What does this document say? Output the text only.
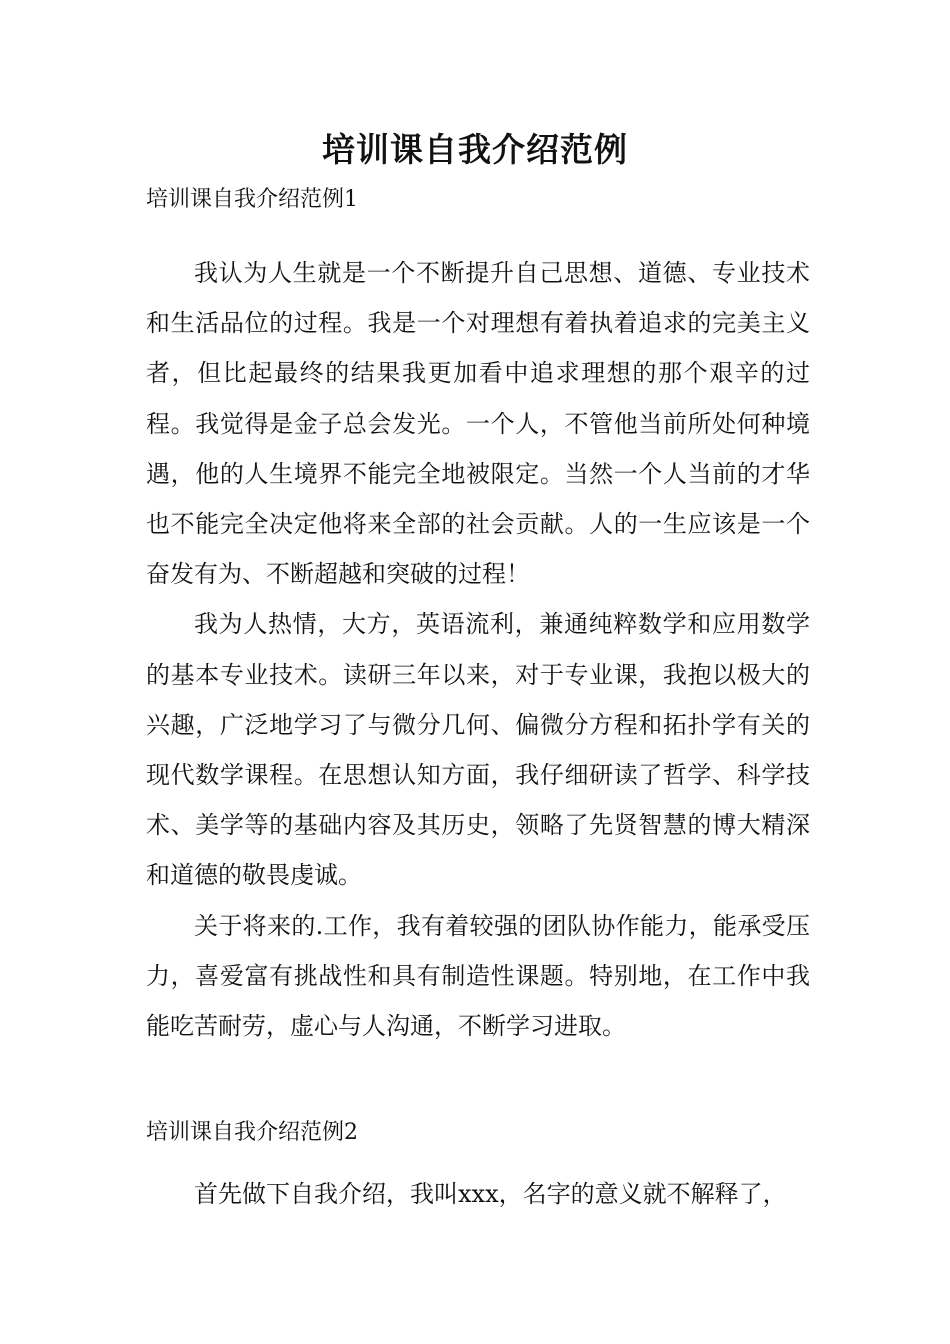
培训课自我介绍范例

培训课自我介绍范例1

我认为人生就是一个不断提升自己思想、道德、专业技术和生活品位的过程。我是一个对理想有着执着追求的完美主义者，但比起最终的结果我更加看中追求理想的那个艰辛的过程。我觉得是金子总会发光。一个人，不管他当前所处何种境遇，他的人生境界不能完全地被限定。当然一个人当前的才华也不能完全决定他将来全部的社会贡献。人的一生应该是一个奋发有为、不断超越和突破的过程！

我为人热情，大方，英语流利，兼通纯粹数学和应用数学的基本专业技术。读研三年以来，对于专业课，我抱以极大的兴趣，广泛地学习了与微分几何、偏微分方程和拓扑学有关的现代数学课程。在思想认知方面，我仔细研读了哲学、科学技术、美学等的基础内容及其历史，领略了先贤智慧的博大精深和道德的敬畏虔诚。

关于将来的.工作，我有着较强的团队协作能力，能承受压力，喜爱富有挑战性和具有制造性课题。特别地，在工作中我能吃苦耐劳，虚心与人沟通，不断学习进取。

培训课自我介绍范例2

首先做下自我介绍，我叫xxx，名字的意义就不解释了，
